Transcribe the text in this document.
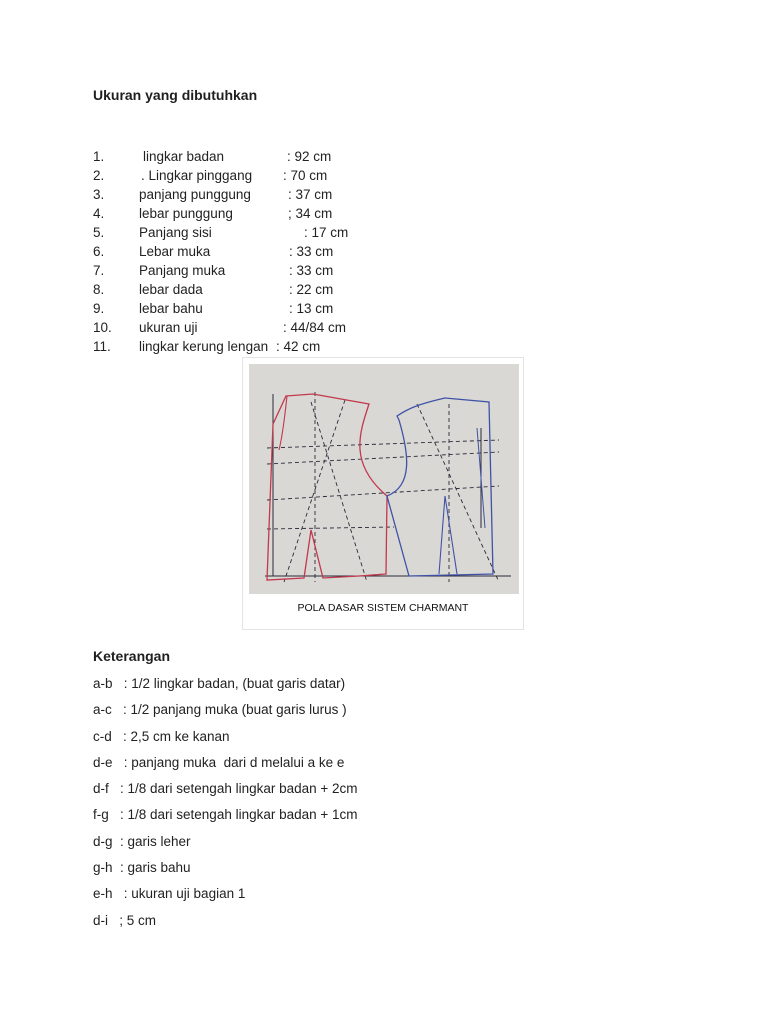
Ukuran yang dibutuhkan
1.	lingkar badan	: 92 cm
2.	. Lingkar pinggang : 70 cm
3.	panjang punggung	: 37 cm
4.	lebar punggung	; 34 cm
5.	Panjang sisi	: 17 cm
6.	Lebar muka	: 33 cm
7.	Panjang muka	: 33 cm
8.	lebar dada	: 22 cm
9.	lebar bahu	: 13 cm
10. ukuran uji	: 44/84 cm
11. lingkar kerung lengan : 42 cm
POLA DASAR SISTEM CHARMANT
Keterangan
a-b   : 1/2 lingkar badan, (buat garis datar)
a-c   : 1/2 panjang muka (buat garis lurus )
c-d   : 2,5 cm ke kanan
d-e   : panjang muka  dari d melalui a ke e
d-f   : 1/8 dari setengah lingkar badan + 2cm
f-g   : 1/8 dari setengah lingkar badan + 1cm
d-g  : garis leher
g-h  : garis bahu
e-h   : ukuran uji bagian 1
d-i   ; 5 cm
